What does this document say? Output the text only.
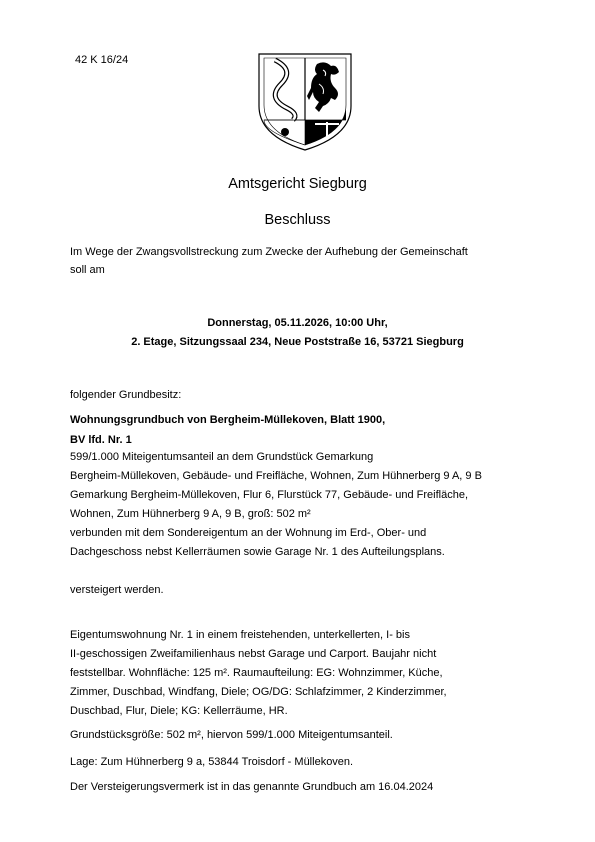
42 K 16/24
Amtsgericht Siegburg
Beschluss
Im Wege der Zwangsvollstreckung zum Zwecke der Aufhebung der Gemeinschaft
soll am
Donnerstag, 05.11.2026, 10:00 Uhr,
2. Etage, Sitzungssaal 234, Neue Poststraße 16, 53721 Siegburg
folgender Grundbesitz:
Wohnungsgrundbuch von Bergheim-Müllekoven, Blatt 1900,
BV lfd. Nr. 1
599/1.000 Miteigentumsanteil an dem Grundstück Gemarkung
Bergheim-Müllekoven, Gebäude- und Freifläche, Wohnen, Zum Hühnerberg 9 A, 9 B
Gemarkung Bergheim-Müllekoven, Flur 6, Flurstück 77, Gebäude- und Freifläche,
Wohnen, Zum Hühnerberg 9 A, 9 B, groß: 502 m²
verbunden mit dem Sondereigentum an der Wohnung im Erd-, Ober- und
Dachgeschoss nebst Kellerräumen sowie Garage Nr. 1 des Aufteilungsplans.
versteigert werden.
Eigentumswohnung Nr. 1 in einem freistehenden, unterkellerten, I- bis
II-geschossigen Zweifamilienhaus nebst Garage und Carport. Baujahr nicht
feststellbar. Wohnfläche: 125 m². Raumaufteilung: EG: Wohnzimmer, Küche,
Zimmer, Duschbad, Windfang, Diele; OG/DG: Schlafzimmer, 2 Kinderzimmer,
Duschbad, Flur, Diele; KG: Kellerräume, HR.
Grundstücksgröße: 502 m², hiervon 599/1.000 Miteigentumsanteil.
Lage: Zum Hühnerberg 9 a, 53844 Troisdorf - Müllekoven.
Der Versteigerungsvermerk ist in das genannte Grundbuch am 16.04.2024
